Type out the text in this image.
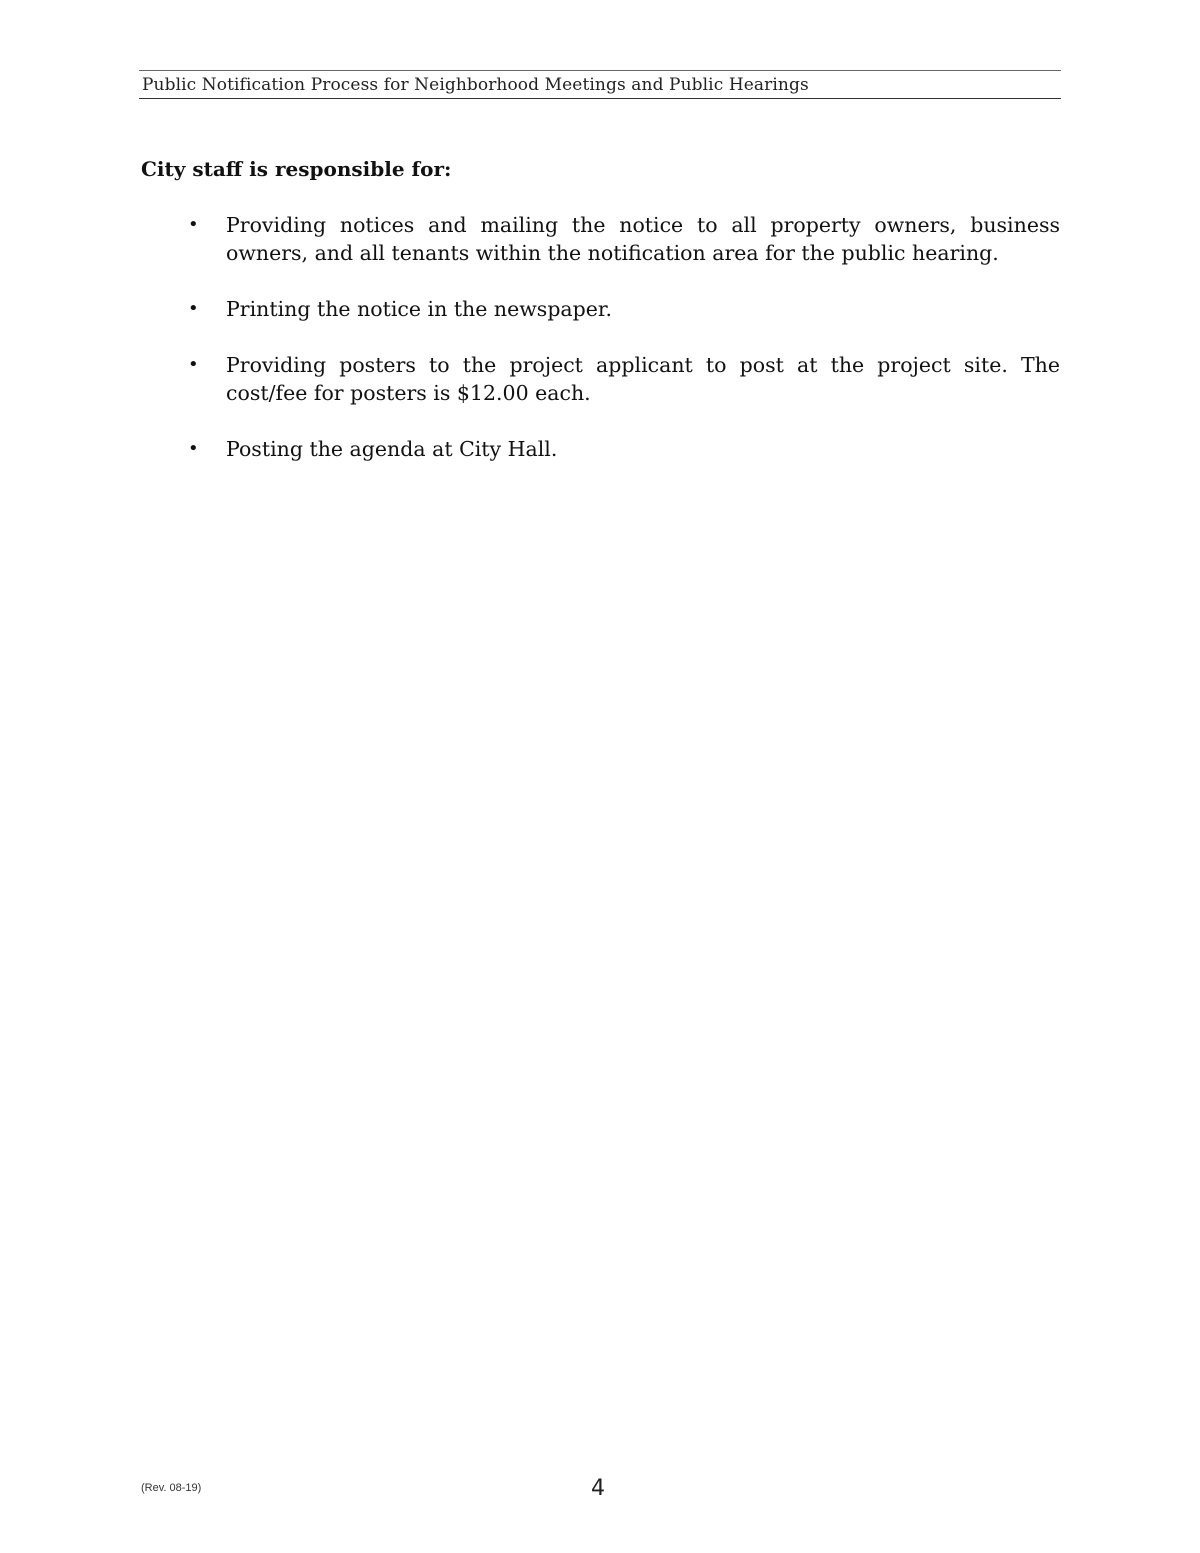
Public Notification Process for Neighborhood Meetings and Public Hearings
City staff is responsible for:
•	Providing notices and mailing the notice to all property owners, business owners, and all tenants within the notification area for the public hearing.
•	Printing the notice in the newspaper.
•	Providing posters to the project applicant to post at the project site. The cost/fee for posters is $12.00 each.
•	Posting the agenda at City Hall.
(Rev. 08-19)	4
